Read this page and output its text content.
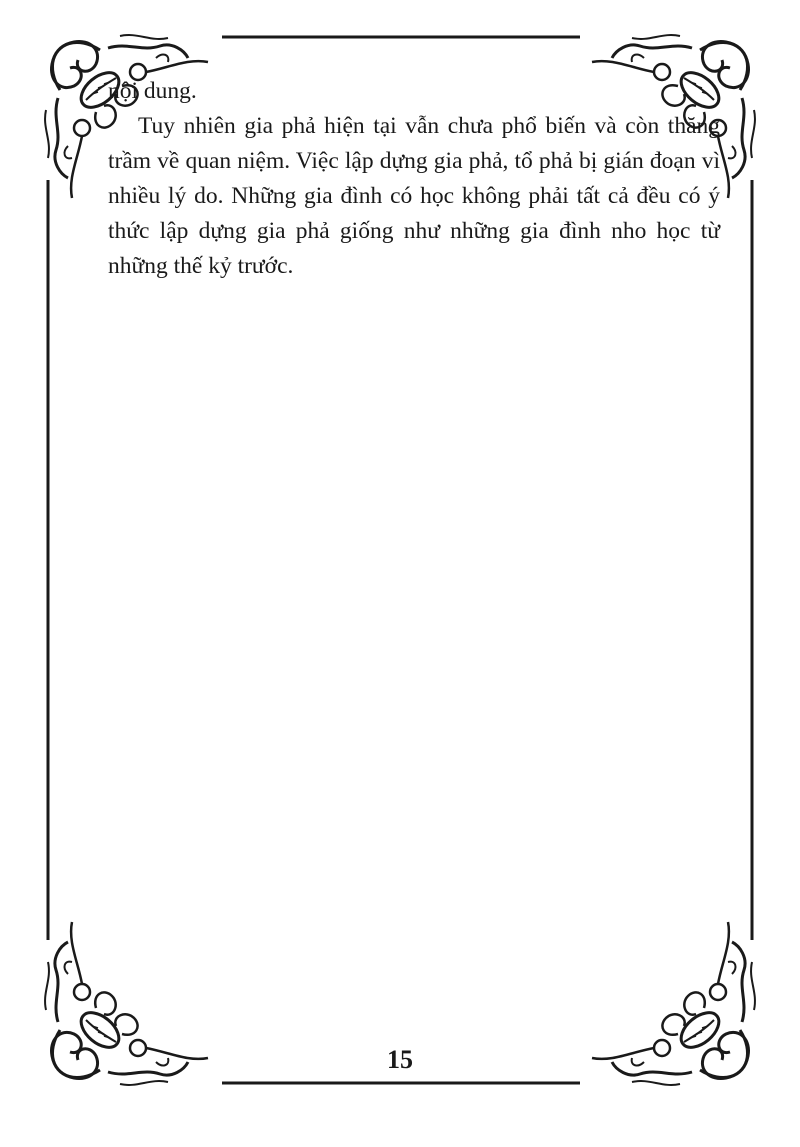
nội dung.

Tuy nhiên gia phả hiện tại vẫn chưa phổ biến và còn thăng trầm về quan niệm. Việc lập dựng gia phả, tổ phả bị gián đoạn vì nhiều lý do. Những gia đình có học không phải tất cả đều có ý thức lập dựng gia phả giống như những gia đình nho học từ những thế kỷ trước.

15
